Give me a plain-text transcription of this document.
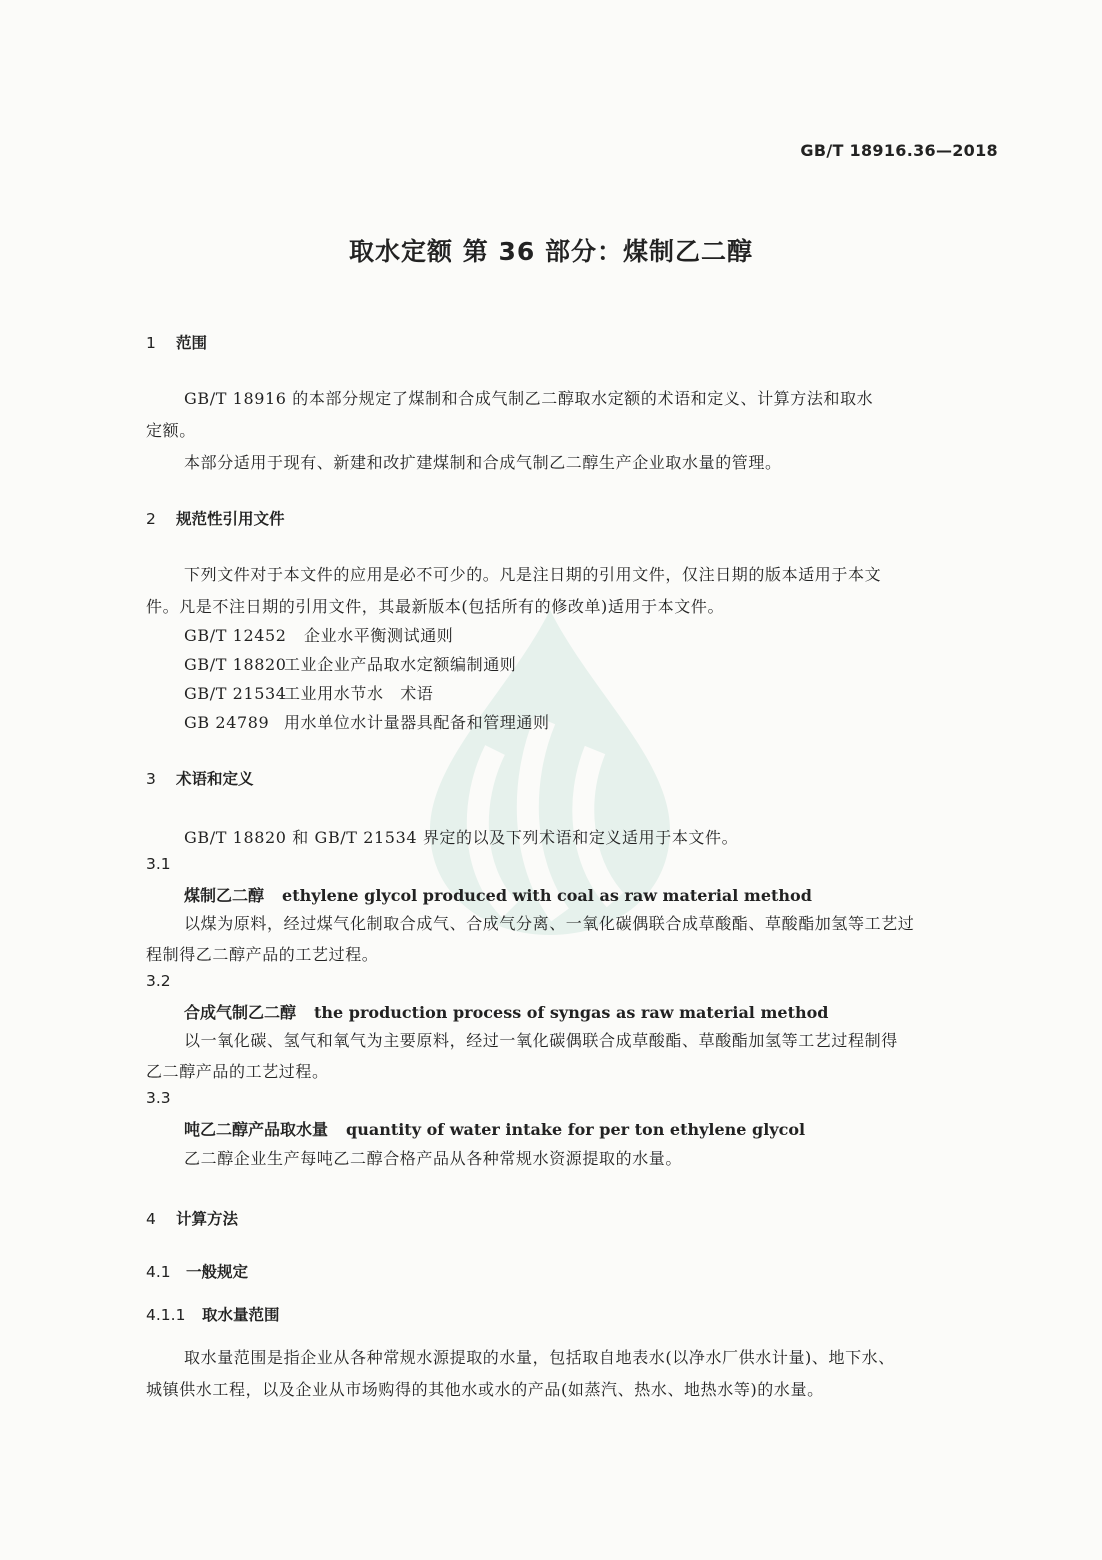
GB/T 18916.36—2018
取水定额 第 36 部分：煤制乙二醇
1 范围
GB/T 18916 的本部分规定了煤制和合成气制乙二醇取水定额的术语和定义、计算方法和取水
定额。
本部分适用于现有、新建和改扩建煤制和合成气制乙二醇生产企业取水量的管理。
2 规范性引用文件
下列文件对于本文件的应用是必不可少的。凡是注日期的引用文件，仅注日期的版本适用于本文
件。凡是不注日期的引用文件，其最新版本(包括所有的修改单)适用于本文件。
GB/T 12452 企业水平衡测试通则
GB/T 18820工业企业产品取水定额编制通则
GB/T 21534工业用水节水　术语
GB 24789 用水单位水计量器具配备和管理通则
3 术语和定义
GB/T 18820 和 GB/T 21534 界定的以及下列术语和定义适用于本文件。
3.1
煤制乙二醇 ethylene glycol produced with coal as raw material method
以煤为原料，经过煤气化制取合成气、合成气分离、一氧化碳偶联合成草酸酯、草酸酯加氢等工艺过
程制得乙二醇产品的工艺过程。
3.2
合成气制乙二醇 the production process of syngas as raw material method
以一氧化碳、氢气和氧气为主要原料，经过一氧化碳偶联合成草酸酯、草酸酯加氢等工艺过程制得
乙二醇产品的工艺过程。
3.3
吨乙二醇产品取水量 quantity of water intake for per ton ethylene glycol
乙二醇企业生产每吨乙二醇合格产品从各种常规水资源提取的水量。
4 计算方法
4.1 一般规定
4.1.1 取水量范围
取水量范围是指企业从各种常规水源提取的水量，包括取自地表水(以净水厂供水计量)、地下水、
城镇供水工程，以及企业从市场购得的其他水或水的产品(如蒸汽、热水、地热水等)的水量。
